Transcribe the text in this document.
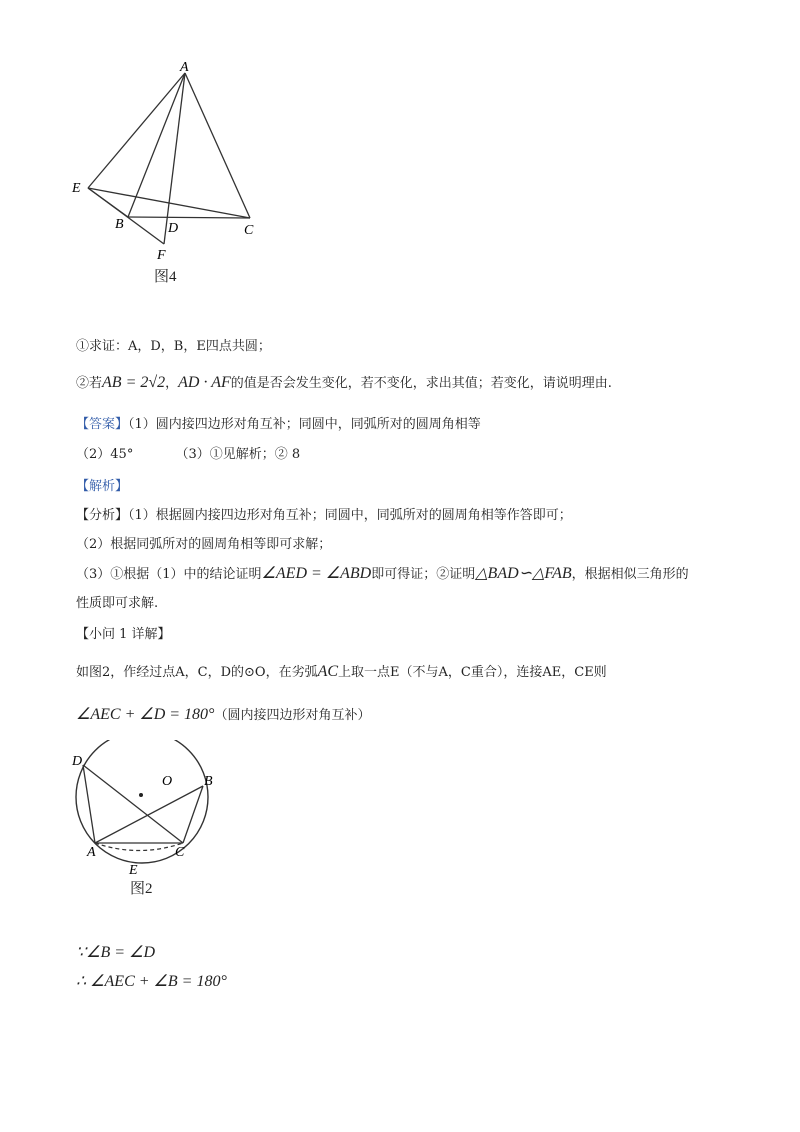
A
E
B	D	C
F
图4
①求证：A，D，B，E四点共圆；
②若AB = 2√2，AD · AF的值是否会发生变化，若不变化，求出其值；若变化，请说明理由.
【答案】（1）圆内接四边形对角互补；同圆中，同弧所对的圆周角相等
（2）45°	（3）①见解析；② 8
【解析】
【分析】（1）根据圆内接四边形对角互补；同圆中，同弧所对的圆周角相等作答即可；
（2）根据同弧所对的圆周角相等即可求解；
（3）①根据（1）中的结论证明∠AED = ∠ABD即可得证；②证明△BAD∽△FAB，根据相似三角形的
性质即可求解.
【小问 1 详解】
如图2，作经过点A，C，D的⊙O，在劣弧AC上取一点E（不与A，C重合），连接AE，CE则
∠AEC + ∠D = 180°（圆内接四边形对角互补）
D
O B
A	C
E
图2
∵∠B = ∠D
∴ ∠AEC + ∠B = 180°
